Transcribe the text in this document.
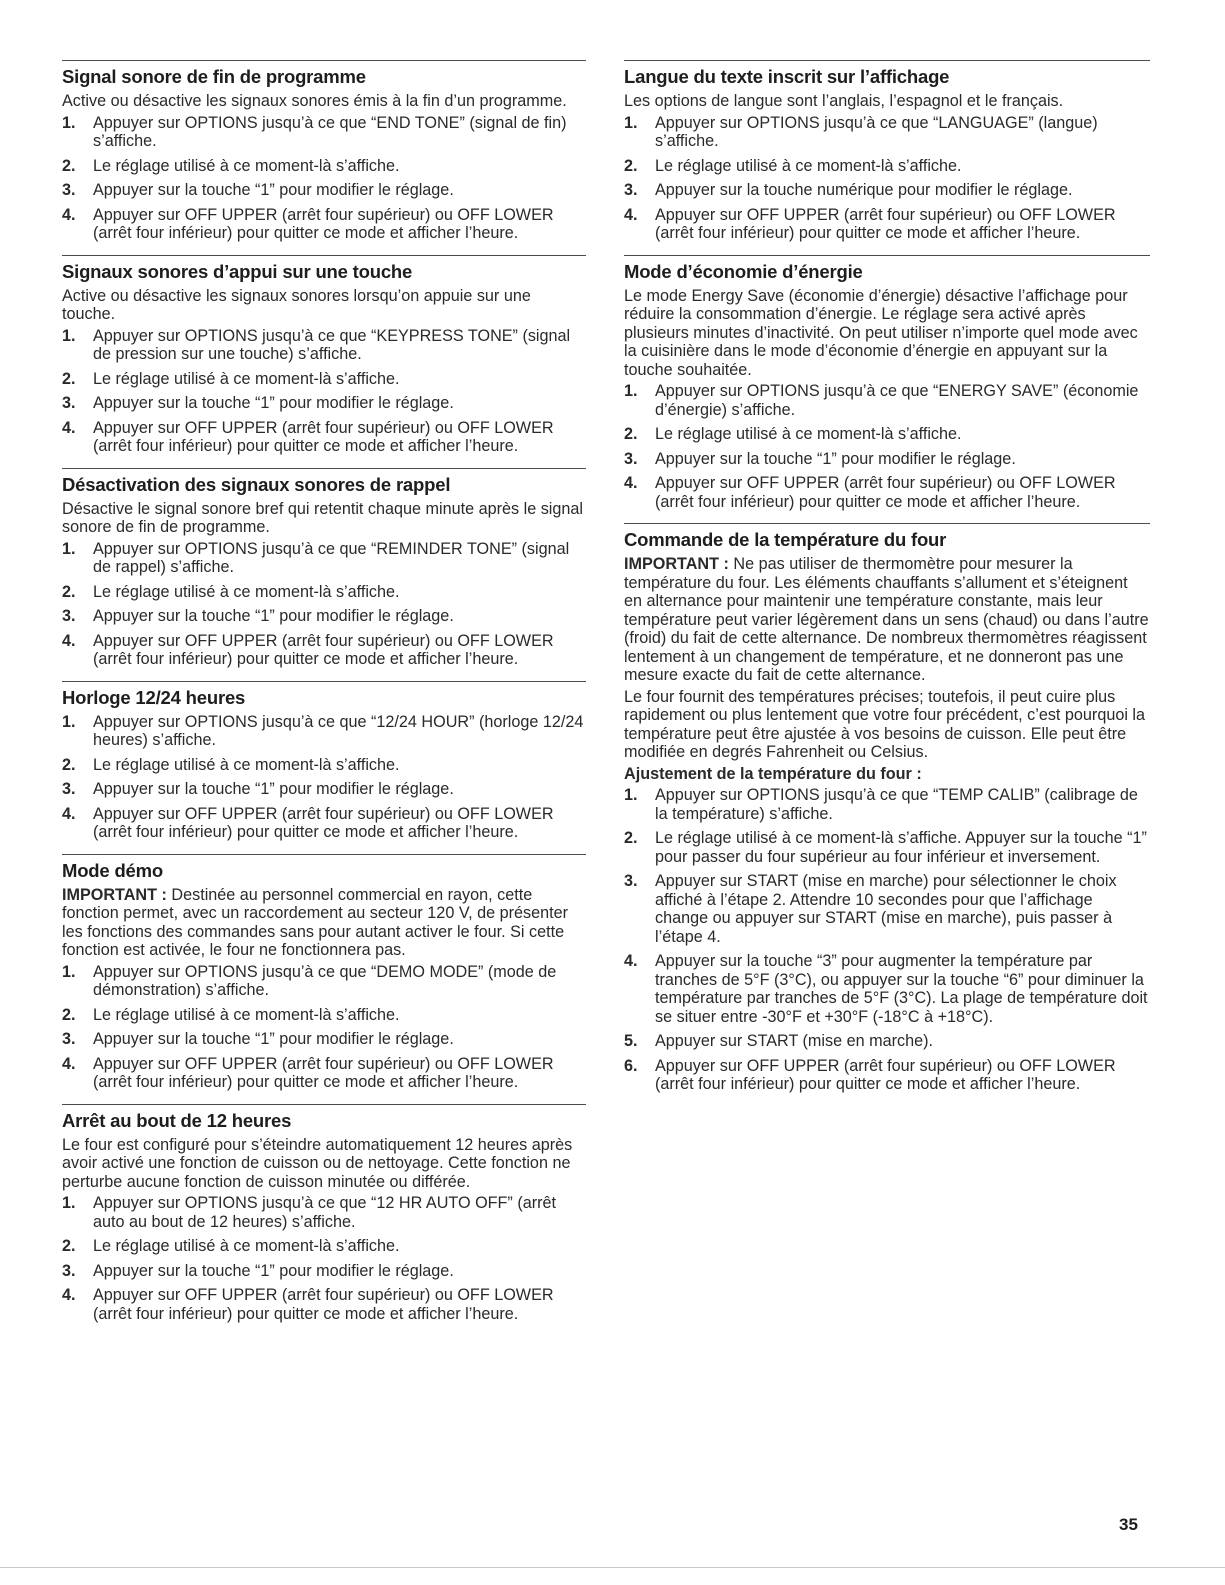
Signal sonore de fin de programme

Active ou désactive les signaux sonores émis à la fin d’un programme.

1.	Appuyer sur OPTIONS jusqu’à ce que “END TONE” (signal de fin) s’affiche.
2.	Le réglage utilisé à ce moment-là s’affiche.
3.	Appuyer sur la touche “1” pour modifier le réglage.
4.	Appuyer sur OFF UPPER (arrêt four supérieur) ou OFF LOWER (arrêt four inférieur) pour quitter ce mode et afficher l’heure.
Signaux sonores d’appui sur une touche

Active ou désactive les signaux sonores lorsqu’on appuie sur une touche.

1.	Appuyer sur OPTIONS jusqu’à ce que “KEYPRESS TONE” (signal de pression sur une touche) s’affiche.
2.	Le réglage utilisé à ce moment-là s’affiche.
3.	Appuyer sur la touche “1” pour modifier le réglage.
4.	Appuyer sur OFF UPPER (arrêt four supérieur) ou OFF LOWER (arrêt four inférieur) pour quitter ce mode et afficher l’heure.
Désactivation des signaux sonores de rappel

Désactive le signal sonore bref qui retentit chaque minute après le signal sonore de fin de programme.

1.	Appuyer sur OPTIONS jusqu’à ce que “REMINDER TONE” (signal de rappel) s’affiche.
2.	Le réglage utilisé à ce moment-là s’affiche.
3.	Appuyer sur la touche “1” pour modifier le réglage.
4.	Appuyer sur OFF UPPER (arrêt four supérieur) ou OFF LOWER (arrêt four inférieur) pour quitter ce mode et afficher l’heure.
Horloge 12/24 heures
1.	Appuyer sur OPTIONS jusqu’à ce que “12/24 HOUR” (horloge 12/24 heures) s’affiche.
2.	Le réglage utilisé à ce moment-là s’affiche.
3.	Appuyer sur la touche “1” pour modifier le réglage.
4.	Appuyer sur OFF UPPER (arrêt four supérieur) ou OFF LOWER (arrêt four inférieur) pour quitter ce mode et afficher l’heure.
Mode démo

IMPORTANT : Destinée au personnel commercial en rayon, cette fonction permet, avec un raccordement au secteur 120 V, de présenter les fonctions des commandes sans pour autant activer le four. Si cette fonction est activée, le four ne fonctionnera pas.

1.	Appuyer sur OPTIONS jusqu’à ce que “DEMO MODE” (mode de démonstration) s’affiche.
2.	Le réglage utilisé à ce moment-là s’affiche.
3.	Appuyer sur la touche “1” pour modifier le réglage.
4.	Appuyer sur OFF UPPER (arrêt four supérieur) ou OFF LOWER (arrêt four inférieur) pour quitter ce mode et afficher l’heure.
Arrêt au bout de 12 heures

Le four est configuré pour s’éteindre automatiquement 12 heures après avoir activé une fonction de cuisson ou de nettoyage. Cette fonction ne perturbe aucune fonction de cuisson minutée ou différée.

1.	Appuyer sur OPTIONS jusqu’à ce que “12 HR AUTO OFF” (arrêt auto au bout de 12 heures) s’affiche.
2.	Le réglage utilisé à ce moment-là s’affiche.
3.	Appuyer sur la touche “1” pour modifier le réglage.
4.	Appuyer sur OFF UPPER (arrêt four supérieur) ou OFF LOWER (arrêt four inférieur) pour quitter ce mode et afficher l’heure.
Langue du texte inscrit sur l’affichage

Les options de langue sont l’anglais, l’espagnol et le français.

1.	Appuyer sur OPTIONS jusqu’à ce que “LANGUAGE” (langue) s’affiche.
2.	Le réglage utilisé à ce moment-là s’affiche.
3.	Appuyer sur la touche numérique pour modifier le réglage.
4.	Appuyer sur OFF UPPER (arrêt four supérieur) ou OFF LOWER (arrêt four inférieur) pour quitter ce mode et afficher l’heure.
Mode d’économie d’énergie

Le mode Energy Save (économie d’énergie) désactive l’affichage pour réduire la consommation d’énergie. Le réglage sera activé après plusieurs minutes d’inactivité. On peut utiliser n’importe quel mode avec la cuisinière dans le mode d’économie d’énergie en appuyant sur la touche souhaitée.

1.	Appuyer sur OPTIONS jusqu’à ce que “ENERGY SAVE” (économie d’énergie) s’affiche.
2.	Le réglage utilisé à ce moment-là s’affiche.
3.	Appuyer sur la touche “1” pour modifier le réglage.
4.	Appuyer sur OFF UPPER (arrêt four supérieur) ou OFF LOWER (arrêt four inférieur) pour quitter ce mode et afficher l’heure.
Commande de la température du four

IMPORTANT : Ne pas utiliser de thermomètre pour mesurer la température du four. Les éléments chauffants s’allument et s’éteignent en alternance pour maintenir une température constante, mais leur température peut varier légèrement dans un sens (chaud) ou dans l’autre (froid) du fait de cette alternance. De nombreux thermomètres réagissent lentement à un changement de température, et ne donneront pas une mesure exacte du fait de cette alternance.

Le four fournit des températures précises; toutefois, il peut cuire plus rapidement ou plus lentement que votre four précédent, c’est pourquoi la température peut être ajustée à vos besoins de cuisson. Elle peut être modifiée en degrés Fahrenheit ou Celsius.

Ajustement de la température du four :

1.	Appuyer sur OPTIONS jusqu’à ce que “TEMP CALIB” (calibrage de la température) s’affiche.
2.	Le réglage utilisé à ce moment-là s’affiche. Appuyer sur la touche “1” pour passer du four supérieur au four inférieur et inversement.
3.	Appuyer sur START (mise en marche) pour sélectionner le choix affiché à l’étape 2. Attendre 10 secondes pour que l’affichage change ou appuyer sur START (mise en marche), puis passer à l’étape 4.
4.	Appuyer sur la touche “3” pour augmenter la température par tranches de 5°F (3°C), ou appuyer sur la touche “6” pour diminuer la température par tranches de 5°F (3°C). La plage de température doit se situer entre -30°F et +30°F (-18°C à +18°C).
5.	Appuyer sur START (mise en marche).
6.	Appuyer sur OFF UPPER (arrêt four supérieur) ou OFF LOWER (arrêt four inférieur) pour quitter ce mode et afficher l’heure.
35
